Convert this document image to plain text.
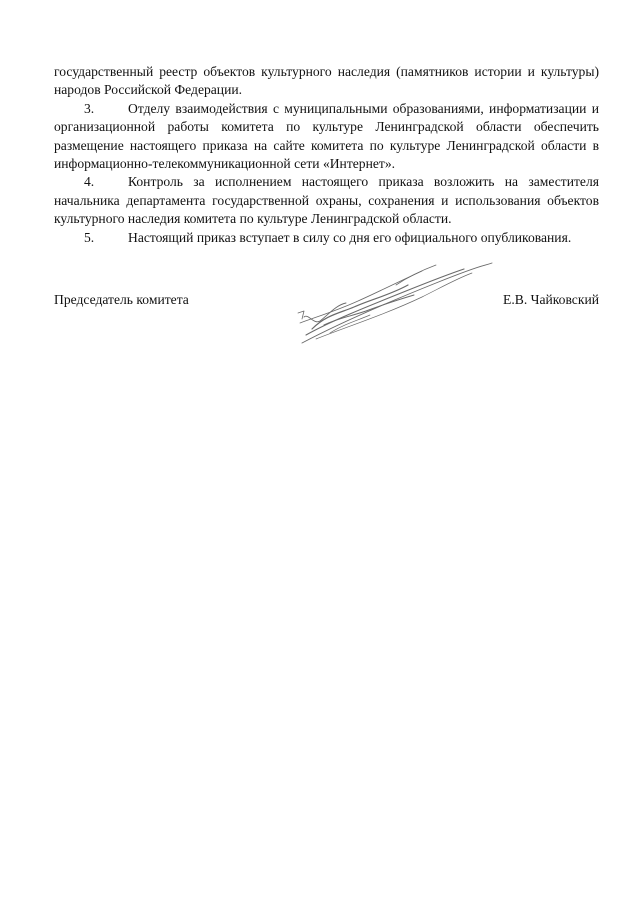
государственный реестр объектов культурного наследия (памятников истории и культуры) народов Российской Федерации.

3. Отделу взаимодействия с муниципальными образованиями, информатизации и организационной работы комитета по культуре Ленинградской области обеспечить размещение настоящего приказа на сайте комитета по культуре Ленинградской области в информационно-телекоммуникационной сети «Интернет».

4. Контроль за исполнением настоящего приказа возложить на заместителя начальника департамента государственной охраны, сохранения и использования объектов культурного наследия комитета по культуре Ленинградской области.

5. Настоящий приказ вступает в силу со дня его официального опубликования.

Председатель комитета	Е.В. Чайковский
